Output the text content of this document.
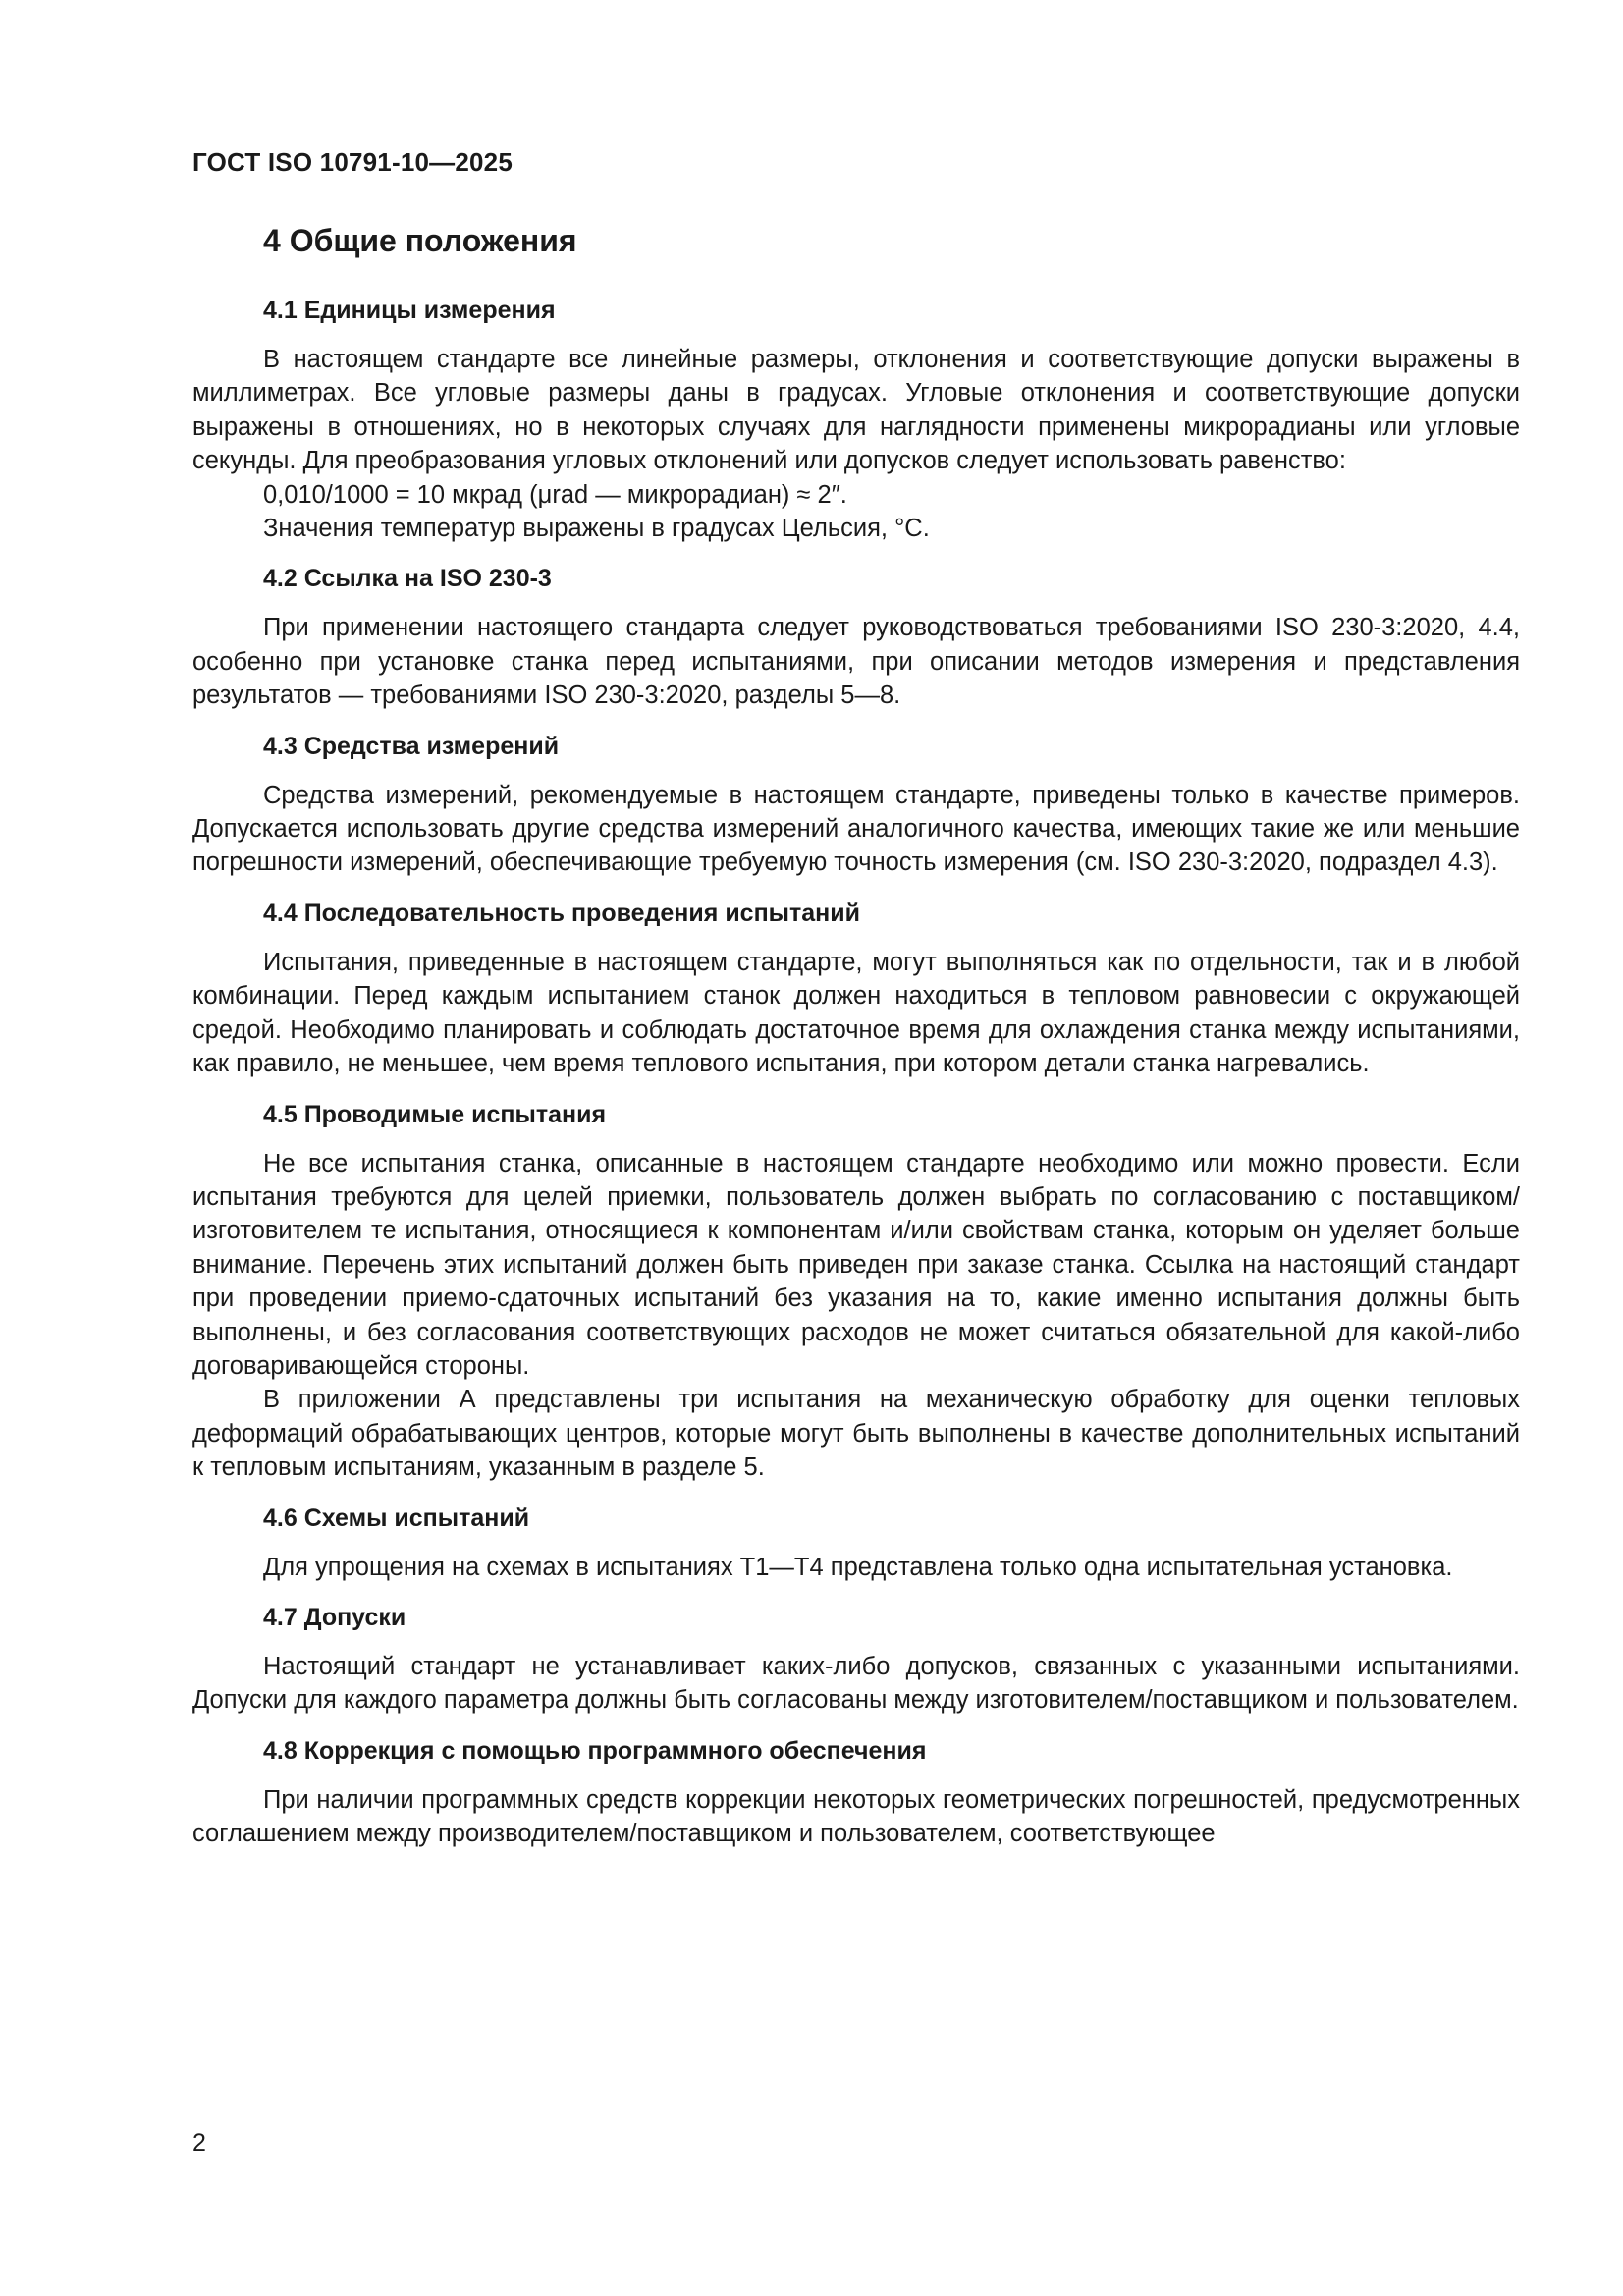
ГОСТ ISO 10791-10—2025
4 Общие положения
4.1 Единицы измерения

В настоящем стандарте все линейные размеры, отклонения и соответствующие допуски выражены в миллиметрах. Все угловые размеры даны в градусах. Угловые отклонения и соответствующие допуски выражены в отношениях, но в некоторых случаях для наглядности применены микрорадианы или угловые секунды. Для преобразования угловых отклонений или допусков следует использовать равенство:

0,010/1000 = 10 мкрад (μrad — микрорадиан) ≈ 2″.

Значения температур выражены в градусах Цельсия, °С.

4.2 Ссылка на ISO 230-3

При применении настоящего стандарта следует руководствоваться требованиями ISO 230-3:2020, 4.4, особенно при установке станка перед испытаниями, при описании методов измерения и представления результатов — требованиями ISO 230-3:2020, разделы 5—8.

4.3 Средства измерений

Средства измерений, рекомендуемые в настоящем стандарте, приведены только в качестве примеров. Допускается использовать другие средства измерений аналогичного качества, имеющих такие же или меньшие погрешности измерений, обеспечивающие требуемую точность измерения (см. ISO 230-3:2020, подраздел 4.3).

4.4 Последовательность проведения испытаний

Испытания, приведенные в настоящем стандарте, могут выполняться как по отдельности, так и в любой комбинации. Перед каждым испытанием станок должен находиться в тепловом равновесии с окружающей средой. Необходимо планировать и соблюдать достаточное время для охлаждения станка между испытаниями, как правило, не меньшее, чем время теплового испытания, при котором детали станка нагревались.

4.5 Проводимые испытания

Не все испытания станка, описанные в настоящем стандарте необходимо или можно провести. Если испытания требуются для целей приемки, пользователь должен выбрать по согласованию с поставщиком/изготовителем те испытания, относящиеся к компонентам и/или свойствам станка, которым он уделяет больше внимание. Перечень этих испытаний должен быть приведен при заказе станка. Ссылка на настоящий стандарт при проведении приемо-сдаточных испытаний без указания на то, какие именно испытания должны быть выполнены, и без согласования соответствующих расходов не может считаться обязательной для какой-либо договаривающейся стороны.

В приложении А представлены три испытания на механическую обработку для оценки тепловых деформаций обрабатывающих центров, которые могут быть выполнены в качестве дополнительных испытаний к тепловым испытаниям, указанным в разделе 5.

4.6 Схемы испытаний

Для упрощения на схемах в испытаниях Т1—Т4 представлена только одна испытательная установка.

4.7 Допуски

Настоящий стандарт не устанавливает каких-либо допусков, связанных с указанными испытаниями. Допуски для каждого параметра должны быть согласованы между изготовителем/поставщиком и пользователем.

4.8 Коррекция с помощью программного обеспечения

При наличии программных средств коррекции некоторых геометрических погрешностей, предусмотренных соглашением между производителем/поставщиком и пользователем, соответствующее

2
